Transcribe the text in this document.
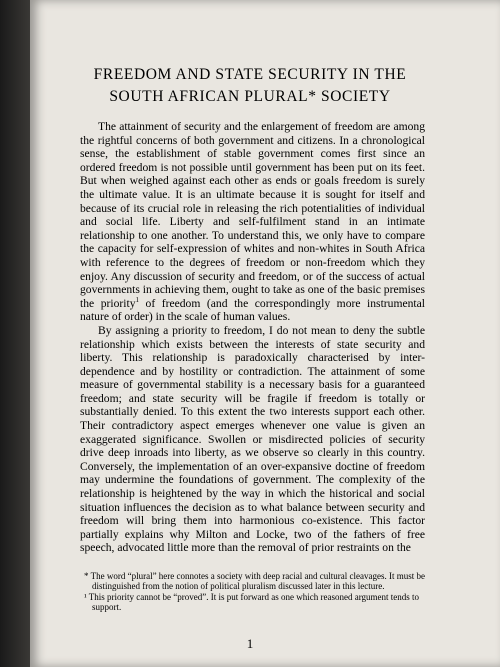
FREEDOM AND STATE SECURITY IN THE
SOUTH AFRICAN PLURAL* SOCIETY

The attainment of security and the enlargement of freedom are among the rightful concerns of both government and citizens. In a chronological sense, the establishment of stable government comes first since an ordered freedom is not possible until government has been put on its feet. But when weighed against each other as ends or goals freedom is surely the ultimate value. It is an ultimate because it is sought for itself and because of its crucial role in releasing the rich potentialities of individual and social life. Liberty and self-fulfilment stand in an intimate relationship to one another. To understand this, we only have to compare the capacity for self-expression of whites and non-whites in South Africa with reference to the degrees of freedom or non-freedom which they enjoy. Any discussion of security and freedom, or of the success of actual governments in achieving them, ought to take as one of the basic premises the priority$^1$ of freedom (and the correspondingly more instrumental nature of order) in the scale of human values.

By assigning a priority to freedom, I do not mean to deny the subtle relationship which exists between the interests of state security and liberty. This relationship is paradoxically characterised by inter-dependence and by hostility or contradiction. The attainment of some measure of governmental stability is a necessary basis for a guaranteed freedom; and state security will be fragile if freedom is totally or substantially denied. To this extent the two interests support each other. Their contradictory aspect emerges whenever one value is given an exaggerated significance. Swollen or misdirected policies of security drive deep inroads into liberty, as we observe so clearly in this country. Conversely, the implementation of an over-expansive doctine of freedom may undermine the foundations of government. The complexity of the relationship is heightened by the way in which the historical and social situation influences the decision as to what balance between security and freedom will bring them into harmonious co-existence. This factor partially explains why Milton and Locke, two of the fathers of free speech, advocated little more than the removal of prior restraints on the

* The word “plural” here connotes a society with deep racial and cultural cleavages. It must be distinguished from the notion of political pluralism discussed later in this lecture.

¹ This priority cannot be “proved”. It is put forward as one which reasoned argument tends to support.

1
